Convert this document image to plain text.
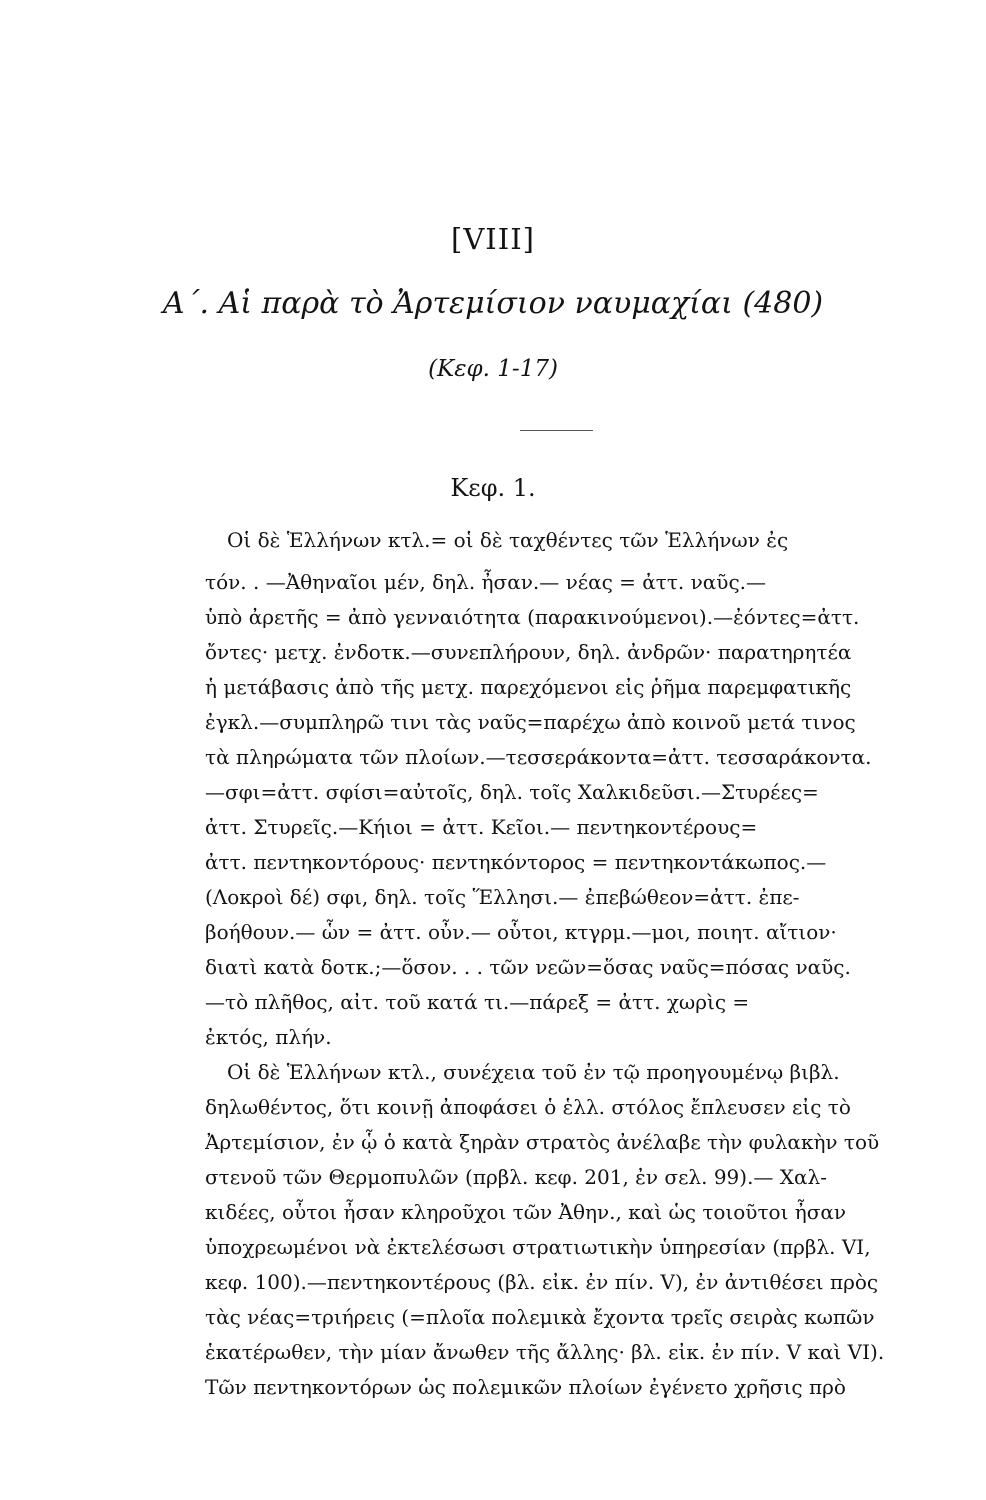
[VIII]
Α΄. Αἱ παρὰ τὸ Ἀρτεμίσιον ναυμαχίαι (480)
(Κεφ. 1-17)
Κεφ. 1.
Οἱ δὲ Ἑλλήνων κτλ.= οἱ δὲ ταχθέντες τῶν Ἑλλήνων ἐς
τόν. . —Ἀθηναῖοι μέν, δηλ. ἦσαν.— νέας = ἀττ. ναῦς.—
ὑπὸ ἀρετῆς = ἀπὸ γενναιότητα (παρακινούμενοι).—ἐόντες=ἀττ.
ὄντες· μετχ. ἐνδοτκ.—συνεπλήρουν, δηλ. ἀνδρῶν· παρατηρητέα
ἡ μετάβασις ἀπὸ τῆς μετχ. παρεχόμενοι εἰς ῥῆμα παρεμφατικῆς
ἐγκλ.—συμπληρῶ τινι τὰς ναῦς=παρέχω ἀπὸ κοινοῦ μετά τινος
τὰ πληρώματα τῶν πλοίων.—τεσσεράκοντα=ἀττ. τεσσαράκοντα.
—σφι=ἀττ. σφίσι=αὐτοῖς, δηλ. τοῖς Χαλκιδεῦσι.—Στυρέες=
ἀττ. Στυρεῖς.—Κήιοι = ἀττ. Κεῖοι.— πεντηκοντέρους=
ἀττ. πεντηκοντόρους· πεντηκόντορος = πεντηκοντάκωπος.—
(Λοκροὶ δέ) σφι, δηλ. τοῖς Ἕλλησι.— ἐπεβώθεον=ἀττ. ἐπε-
βοήθουν.— ὧν = ἀττ. οὖν.— οὗτοι, κτγρμ.—μοι, ποιητ. αἴτιον·
διατὶ κατὰ δοτκ.;—ὅσον. . . τῶν νεῶν=ὅσας ναῦς=πόσας ναῦς.
—τὸ πλῆθος, αἰτ. τοῦ κατά τι.—πάρεξ = ἀττ. χωρὶς =
ἐκτός, πλήν.
Οἱ δὲ Ἑλλήνων κτλ., συνέχεια τοῦ ἐν τῷ προηγουμένῳ βιβλ.
δηλωθέντος, ὅτι κοινῇ ἀποφάσει ὁ ἑλλ. στόλος ἔπλευσεν εἰς τὸ
Ἀρτεμίσιον, ἐν ᾧ ὁ κατὰ ξηρὰν στρατὸς ἀνέλαβε τὴν φυλακὴν τοῦ
στενοῦ τῶν Θερμοπυλῶν (πρβλ. κεφ. 201, ἐν σελ. 99).— Χαλ-
κιδέες, οὗτοι ἦσαν κληροῦχοι τῶν Ἀθην., καὶ ὡς τοιοῦτοι ἦσαν
ὑποχρεωμένοι νὰ ἐκτελέσωσι στρατιωτικὴν ὑπηρεσίαν (πρβλ. VI,
κεφ. 100).—πεντηκοντέρους (βλ. εἰκ. ἐν πίν. V), ἐν ἀντιθέσει πρὸς
τὰς νέας=τριήρεις (=πλοῖα πολεμικὰ ἔχοντα τρεῖς σειρὰς κωπῶν
ἑκατέρωθεν, τὴν μίαν ἄνωθεν τῆς ἄλλης· βλ. εἰκ. ἐν πίν. V καὶ VI).
Τῶν πεντηκοντόρων ὡς πολεμικῶν πλοίων ἐγένετο χρῆσις πρὸ
